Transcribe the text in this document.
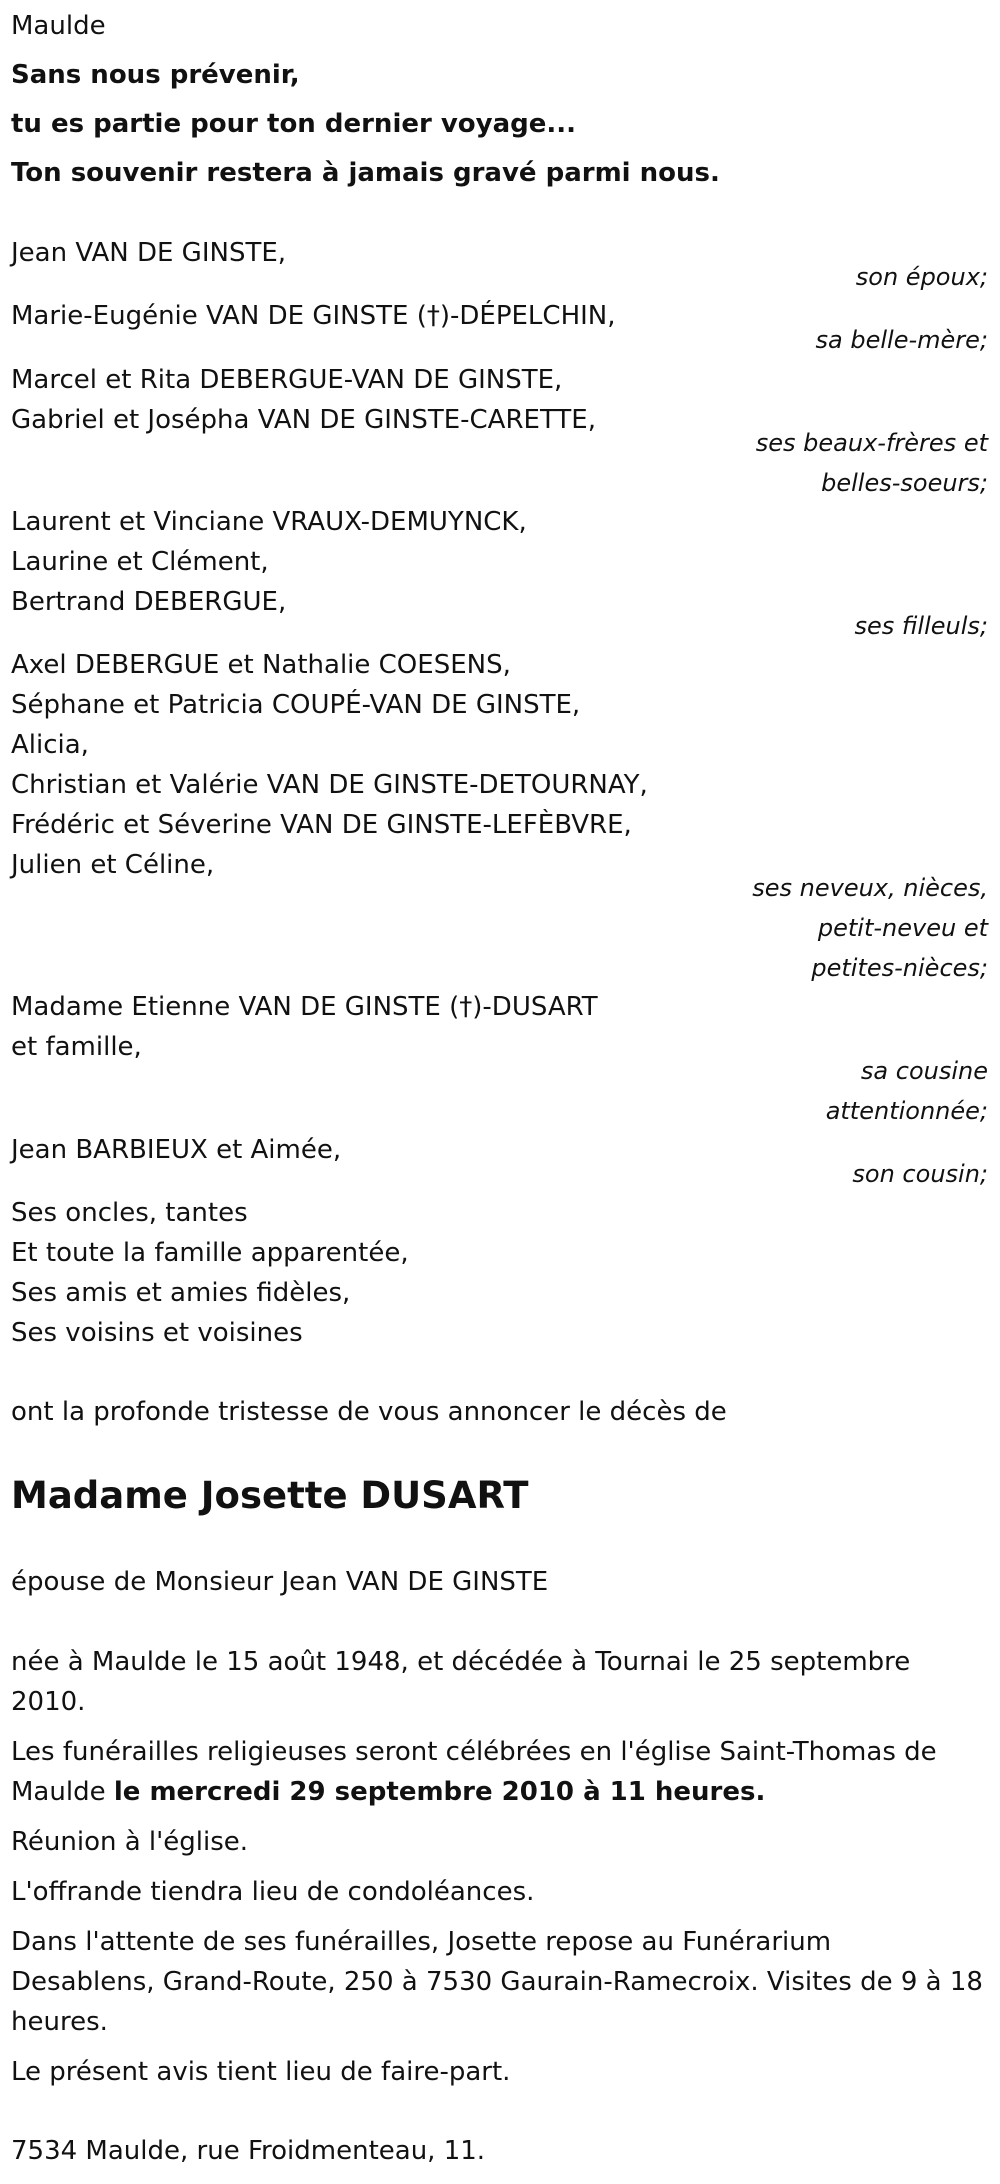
Maulde
Sans nous prévenir,
tu es partie pour ton dernier voyage...
Ton souvenir restera à jamais gravé parmi nous.
Jean VAN DE GINSTE,
son époux;
Marie-Eugénie VAN DE GINSTE (†)-DÉPELCHIN,
sa belle-mère;
Marcel et Rita DEBERGUE-VAN DE GINSTE,
Gabriel et Josépha VAN DE GINSTE-CARETTE,
ses beaux-frères et
belles-soeurs;
Laurent et Vinciane VRAUX-DEMUYNCK,
Laurine et Clément,
Bertrand DEBERGUE,
ses filleuls;
Axel DEBERGUE et Nathalie COESENS,
Séphane et Patricia COUPÉ-VAN DE GINSTE,
Alicia,
Christian et Valérie VAN DE GINSTE-DETOURNAY,
Frédéric et Séverine VAN DE GINSTE-LEFÈBVRE,
Julien et Céline,
ses neveux, nièces,
petit-neveu et
petites-nièces;
Madame Etienne VAN DE GINSTE (†)-DUSART
et famille,
sa cousine
attentionnée;
Jean BARBIEUX et Aimée,
son cousin;
Ses oncles, tantes
Et toute la famille apparentée,
Ses amis et amies fidèles,
Ses voisins et voisines
ont la profonde tristesse de vous annoncer le décès de
Madame Josette DUSART
épouse de Monsieur Jean VAN DE GINSTE
née à Maulde le 15 août 1948, et décédée à Tournai le 25 septembre
2010.
Les funérailles religieuses seront célébrées en l'église Saint-Thomas de
Maulde le mercredi 29 septembre 2010 à 11 heures.
Réunion à l'église.
L'offrande tiendra lieu de condoléances.
Dans l'attente de ses funérailles, Josette repose au Funérarium
Desablens, Grand-Route, 250 à 7530 Gaurain-Ramecroix. Visites de 9 à 18
heures.
Le présent avis tient lieu de faire-part.
7534 Maulde, rue Froidmenteau, 11.
